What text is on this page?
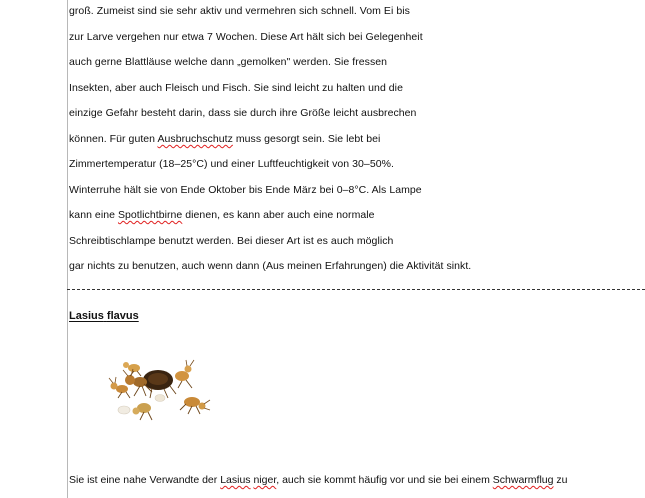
groß. Zumeist sind sie sehr aktiv und vermehren sich schnell. Vom Ei bis
zur Larve vergehen nur etwa 7 Wochen. Diese Art hält sich bei Gelegenheit
auch gerne Blattläuse welche dann „gemolken" werden. Sie fressen
Insekten, aber auch Fleisch und Fisch. Sie sind leicht zu halten und die
einzige Gefahr besteht darin, dass sie durch ihre Größe leicht ausbrechen
können. Für guten Ausbruchschutz muss gesorgt sein. Sie lebt bei
Zimmertemperatur (18–25°C) und einer Luftfeuchtigkeit von 30–50%.
Winterruhe hält sie von Ende Oktober bis Ende März bei 0–8°C. Als Lampe
kann eine Spotlichtbirne dienen, es kann aber auch eine normale
Schreibtischlampe benutzt werden. Bei dieser Art ist es auch möglich
gar nichts zu benutzen, auch wenn dann (Aus meinen Erfahrungen) die Aktivität sinkt.
Lasius flavus
Sie ist eine nahe Verwandte der Lasius niger, auch sie kommt häufig vor und sie bei einem Schwarmflug zu
